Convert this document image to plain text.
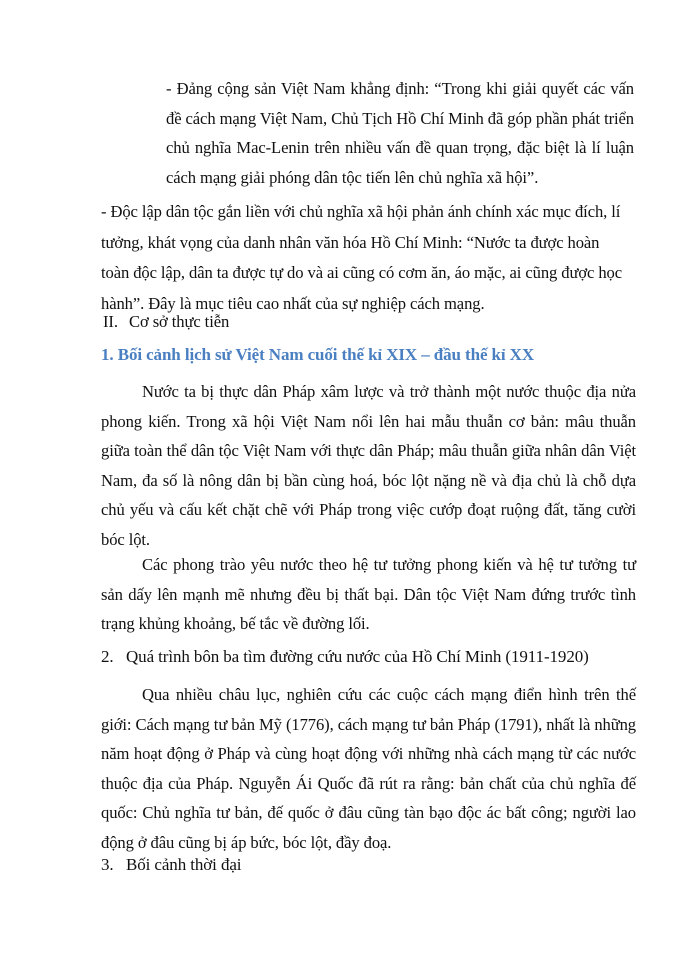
- Đảng cộng sản Việt Nam khẳng định: “Trong khi giải quyết các vấn đề cách mạng Việt Nam, Chủ Tịch Hồ Chí Minh đã góp phần phát triển chủ nghĩa Mac-Lenin trên nhiều vấn đề quan trọng, đặc biệt là lí luận cách mạng giải phóng dân tộc tiến lên chủ nghĩa xã hội”.

- Độc lập dân tộc gắn liền với chủ nghĩa xã hội phản ánh chính xác mục đích, lí
tưởng, khát vọng của danh nhân văn hóa Hồ Chí Minh: “Nước ta được hoàn
toàn độc lập, dân ta được tự do và ai cũng có cơm ăn, áo mặc, ai cũng được học
hành”. Đây là mục tiêu cao nhất của sự nghiệp cách mạng.
II. Cơ sở thực tiễn
1. Bối cảnh lịch sử Việt Nam cuối thế kỉ XIX – đầu thế kỉ XX

Nước ta bị thực dân Pháp xâm lược và trở thành một nước thuộc địa nửa phong kiến. Trong xã hội Việt Nam nổi lên hai mẫu thuẫn cơ bản: mâu thuẫn giữa toàn thể dân tộc Việt Nam với thực dân Pháp; mâu thuẫn giữa nhân dân Việt Nam, đa số là nông dân bị bần cùng hoá, bóc lột nặng nề và địa chủ là chỗ dựa chủ yếu và cấu kết chặt chẽ với Pháp trong việc cướp đoạt ruộng đất, tăng cười bóc lột.

Các phong trào yêu nước theo hệ tư tưởng phong kiến và hệ tư tưởng tư sản dấy lên mạnh mẽ nhưng đều bị thất bại. Dân tộc Việt Nam đứng trước tình trạng khủng khoảng, bế tắc về đường lối.

2. Quá trình bôn ba tìm đường cứu nước của Hồ Chí Minh (1911-1920)

Qua nhiều châu lục, nghiên cứu các cuộc cách mạng điển hình trên thế giới: Cách mạng tư bản Mỹ (1776), cách mạng tư bản Pháp (1791), nhất là những năm hoạt động ở Pháp và cùng hoạt động với những nhà cách mạng từ các nước thuộc địa của Pháp. Nguyễn Ái Quốc đã rút ra rằng: bản chất của chủ nghĩa đế quốc: Chủ nghĩa tư bản, đế quốc ở đâu cũng tàn bạo độc ác bất công; người lao động ở đâu cũng bị áp bức, bóc lột, đầy đoạ.

3. Bối cảnh thời đại
